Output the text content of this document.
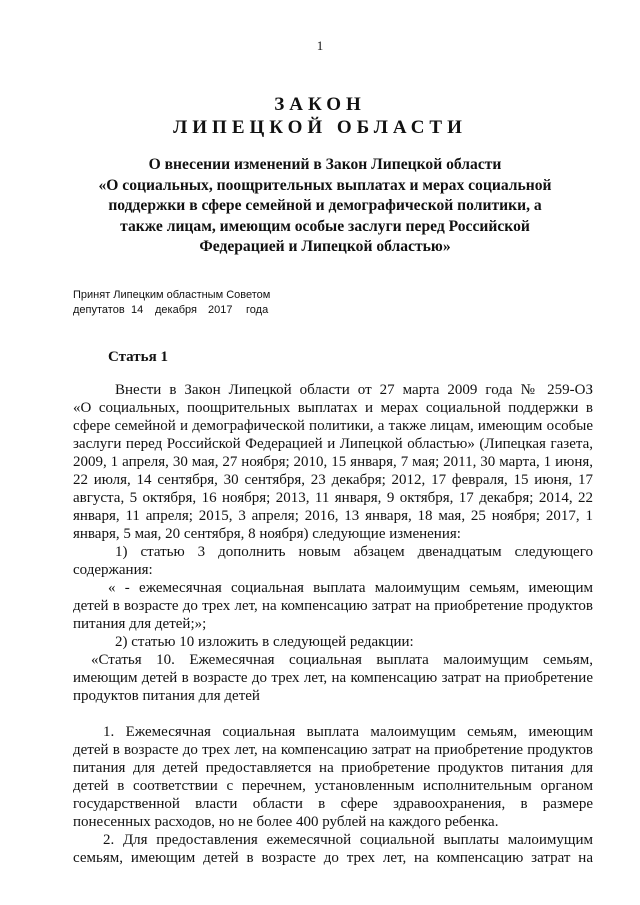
1
ЗАКОН
ЛИПЕЦКОЙ ОБЛАСТИ
О внесении изменений в Закон Липецкой области
«О социальных, поощрительных выплатах и мерах социальной
поддержки в сфере семейной и демографической политики, а
также лицам, имеющим особые заслуги перед Российской
Федерацией и Липецкой областью»
Принят Липецким областным Советом
депутатов 14 декабря 2017 года
Статья 1
Внести в Закон Липецкой области от 27 марта 2009 года № 259-ОЗ
«О социальных, поощрительных выплатах и мерах социальной поддержки в
сфере семейной и демографической политики, а также лицам, имеющим особые
заслуги перед Российской Федерацией и Липецкой областью» (Липецкая газета,
2009, 1 апреля, 30 мая, 27 ноября; 2010, 15 января, 7 мая; 2011, 30 марта, 1 июня,
22 июля, 14 сентября, 30 сентября, 23 декабря; 2012, 17 февраля, 15 июня, 17
августа, 5 октября, 16 ноября; 2013, 11 января, 9 октября, 17 декабря; 2014, 22
января, 11 апреля; 2015, 3 апреля; 2016, 13 января, 18 мая, 25 ноября; 2017, 1
января, 5 мая, 20 сентября, 8 ноября) следующие изменения:
1) статью 3 дополнить новым абзацем двенадцатым следующего
содержания:
« - ежемесячная социальная выплата малоимущим семьям, имеющим
детей в возрасте до трех лет, на компенсацию затрат на приобретение продуктов
питания для детей;»;
2) статью 10 изложить в следующей редакции:
«Статья 10. Ежемесячная социальная выплата малоимущим семьям,
имеющим детей в возрасте до трех лет, на компенсацию затрат на приобретение
продуктов питания для детей
1. Ежемесячная социальная выплата малоимущим семьям, имеющим
детей в возрасте до трех лет, на компенсацию затрат на приобретение продуктов
питания для детей предоставляется на приобретение продуктов питания для
детей в соответствии с перечнем, установленным исполнительным органом
государственной власти области в сфере здравоохранения, в размере
понесенных расходов, но не более 400 рублей на каждого ребенка.
2. Для предоставления ежемесячной социальной выплаты малоимущим
семьям, имеющим детей в возрасте до трех лет, на компенсацию затрат на
